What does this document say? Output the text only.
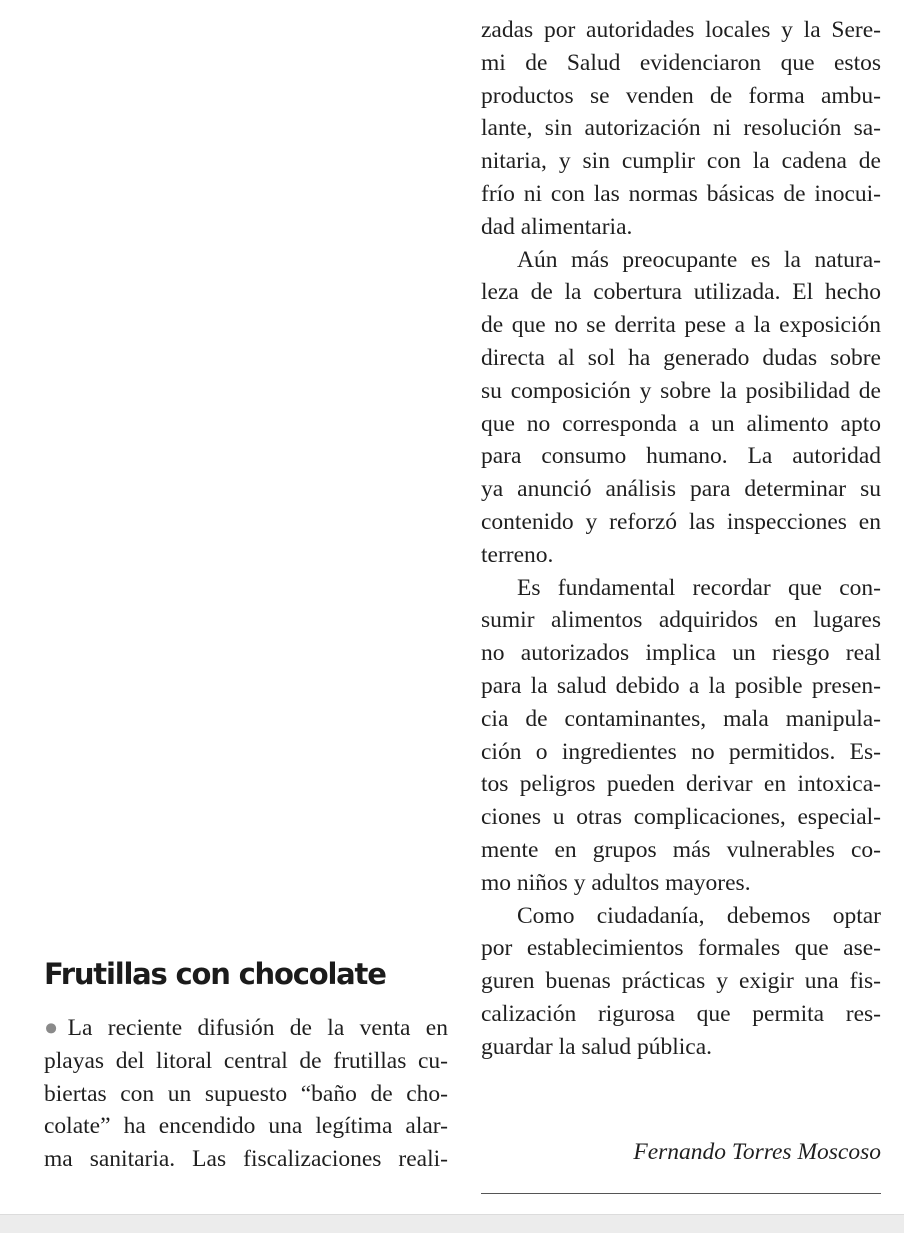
Frutillas con chocolate
●La reciente difusión de la venta en
playas del litoral central de frutillas cu-
biertas con un supuesto “baño de cho-
colate” ha encendido una legítima alar-
ma sanitaria. Las fiscalizaciones reali-
zadas por autoridades locales y la Sere-
mi de Salud evidenciaron que estos
productos se venden de forma ambu-
lante, sin autorización ni resolución sa-
nitaria, y sin cumplir con la cadena de
frío ni con las normas básicas de inocui-
dad alimentaria.
Aún más preocupante es la natura-
leza de la cobertura utilizada. El hecho
de que no se derrita pese a la exposición
directa al sol ha generado dudas sobre
su composición y sobre la posibilidad de
que no corresponda a un alimento apto
para consumo humano. La autoridad
ya anunció análisis para determinar su
contenido y reforzó las inspecciones en
terreno.
Es fundamental recordar que con-
sumir alimentos adquiridos en lugares
no autorizados implica un riesgo real
para la salud debido a la posible presen-
cia de contaminantes, mala manipula-
ción o ingredientes no permitidos. Es-
tos peligros pueden derivar en intoxica-
ciones u otras complicaciones, especial-
mente en grupos más vulnerables co-
mo niños y adultos mayores.
Como ciudadanía, debemos optar
por establecimientos formales que ase-
guren buenas prácticas y exigir una fis-
calización rigurosa que permita res-
guardar la salud pública.
Fernando Torres Moscoso
